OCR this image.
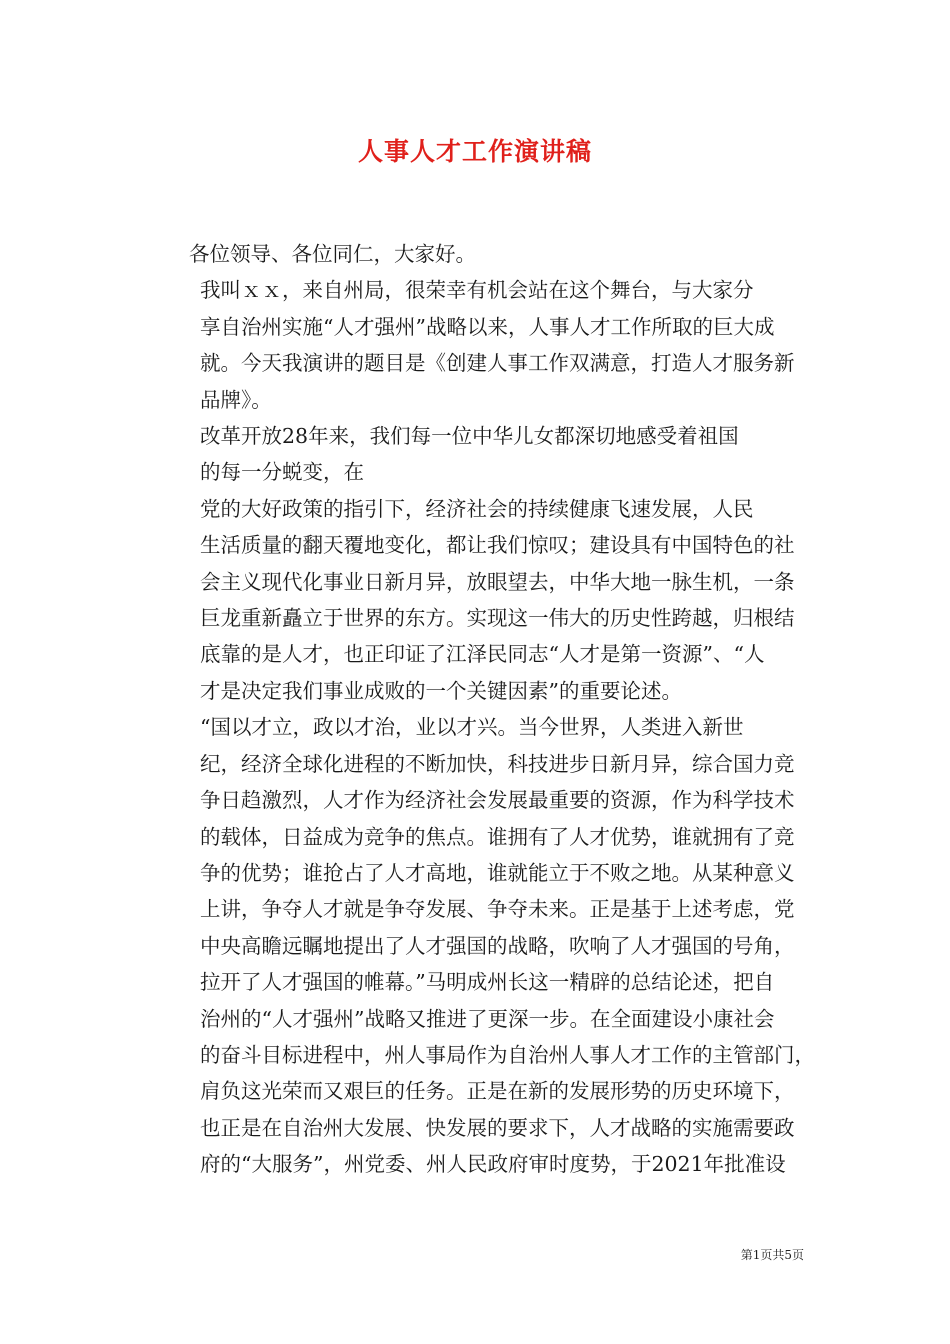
人事人才工作演讲稿

各位领导、各位同仁，大家好。

我叫ｘｘ，来自州局，很荣幸有机会站在这个舞台，与大家分
享自治州实施“人才强州”战略以来，人事人才工作所取的巨大成
就。今天我演讲的题目是《创建人事工作双满意，打造人才服务新
品牌》。

改革开放28年来，我们每一位中华儿女都深切地感受着祖国
的每一分蜕变，在

党的大好政策的指引下，经济社会的持续健康飞速发展，人民
生活质量的翻天覆地变化，都让我们惊叹；建设具有中国特色的社
会主义现代化事业日新月异，放眼望去，中华大地一脉生机，一条
巨龙重新矗立于世界的东方。实现这一伟大的历史性跨越，归根结
底靠的是人才，也正印证了江泽民同志“人才是第一资源”、“人
才是决定我们事业成败的一个关键因素”的重要论述。

“国以才立，政以才治，业以才兴。当今世界，人类进入新世
纪，经济全球化进程的不断加快，科技进步日新月异，综合国力竞
争日趋激烈，人才作为经济社会发展最重要的资源，作为科学技术
的载体，日益成为竞争的焦点。谁拥有了人才优势，谁就拥有了竞
争的优势；谁抢占了人才高地，谁就能立于不败之地。从某种意义
上讲，争夺人才就是争夺发展、争夺未来。正是基于上述考虑，党
中央高瞻远瞩地提出了人才强国的战略，吹响了人才强国的号角，
拉开了人才强国的帷幕。”马明成州长这一精辟的总结论述，把自
治州的“人才强州”战略又推进了更深一步。在全面建设小康社会
的奋斗目标进程中，州人事局作为自治州人事人才工作的主管部门，
肩负这光荣而又艰巨的任务。正是在新的发展形势的历史环境下，
也正是在自治州大发展、快发展的要求下，人才战略的实施需要政
府的“大服务”，州党委、州人民政府审时度势，于2021年批准设

第1页共5页
